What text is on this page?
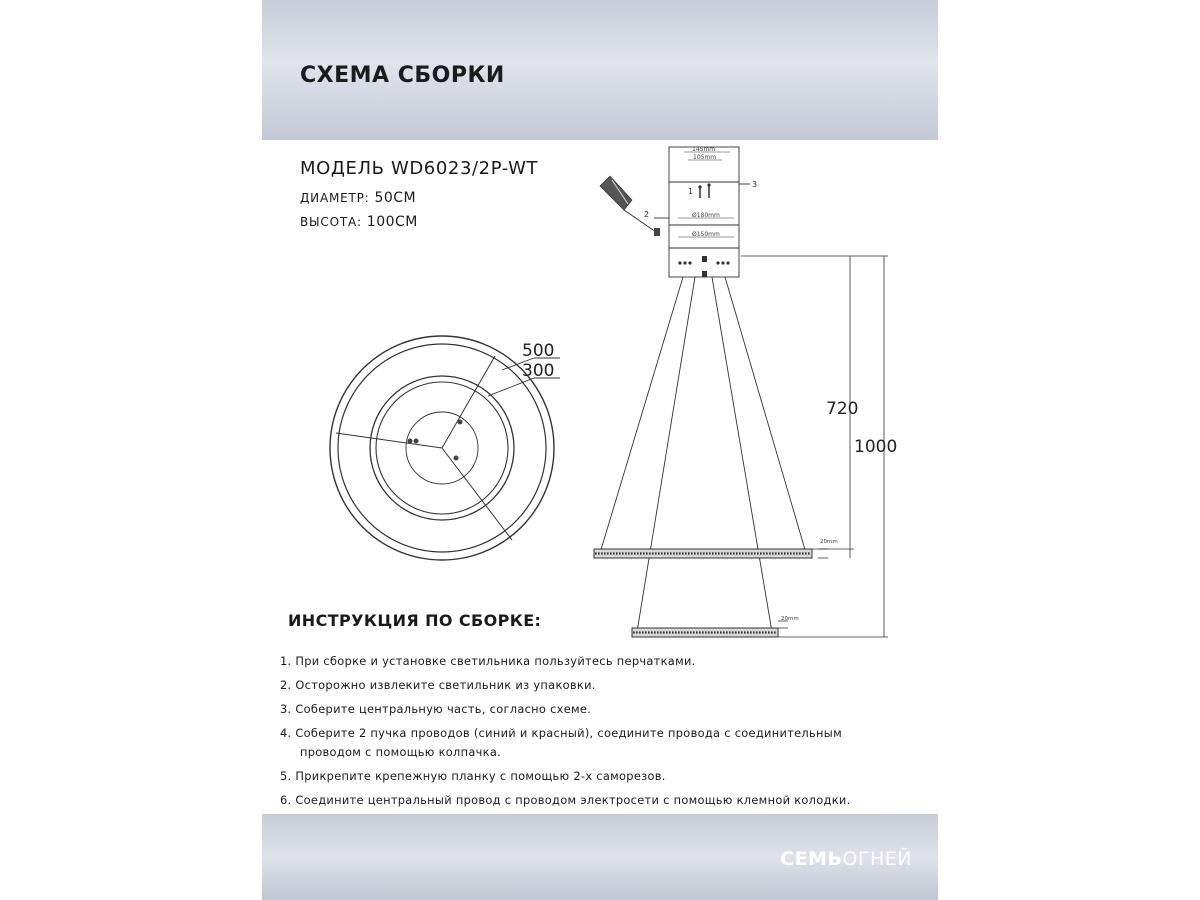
СХЕМА СБОРКИ
МОДЕЛЬ WD6023/2P-WT
ДИАМЕТР: 50СМ
ВЫСОТА: 100СМ
500
300
145mm
105mm
Ø180mm
Ø150mm
3
2
1
720
1000
20mm
20mm
ИНСТРУКЦИЯ ПО СБОРКЕ:
1. При сборке и установке светильника пользуйтесь перчатками.
2. Осторожно извлеките светильник из упаковки.
3. Соберите центральную часть, согласно схеме.
4. Соберите 2 пучка проводов (синий и красный), соедините провода с соединительным
проводом с помощью колпачка.
5. Прикрепите крепежную планку с помощью 2-х саморезов.
6. Соедините центральный провод с проводом электросети с помощью клемной колодки.
СЕМЬОГНЕЙ
